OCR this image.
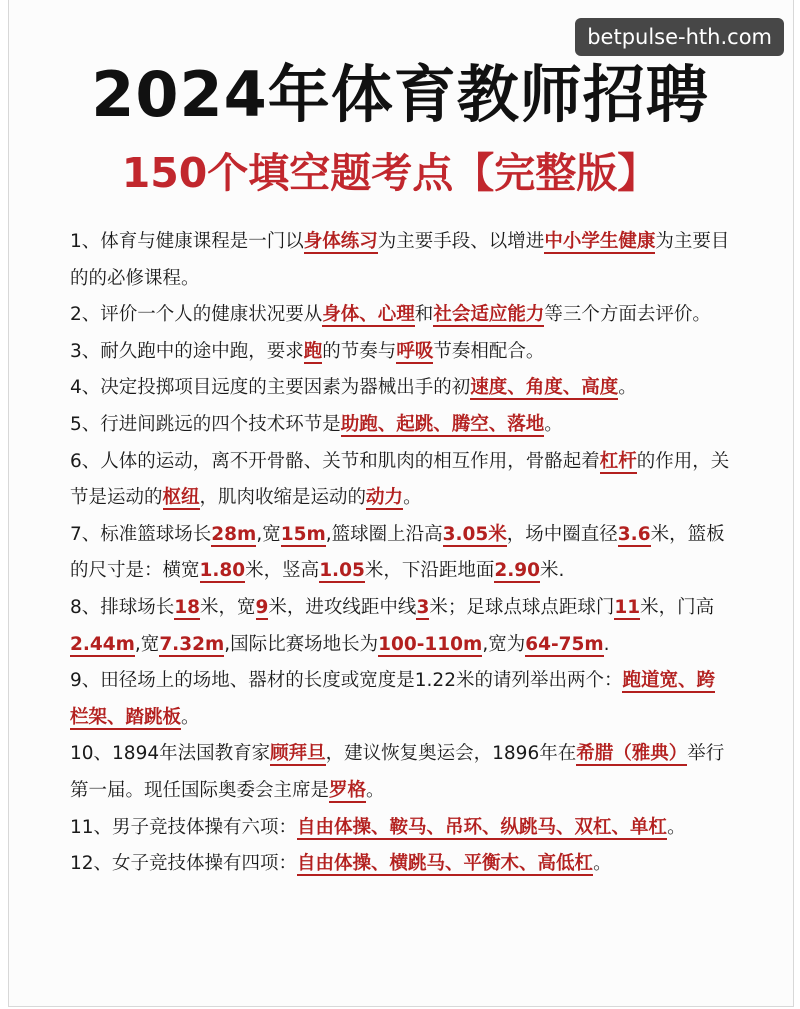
betpulse-hth.com
2024年体育教师招聘
150个填空题考点【完整版】
1、体育与健康课程是一门以身体练习为主要手段、以增进中小学生健康为主要目的的必修课程。
2、评价一个人的健康状况要从身体、心理和社会适应能力等三个方面去评价。
3、耐久跑中的途中跑，要求跑的节奏与呼吸节奏相配合。
4、决定投掷项目远度的主要因素为器械出手的初速度、角度、高度。
5、行进间跳远的四个技术环节是助跑、起跳、腾空、落地。
6、人体的运动，离不开骨骼、关节和肌肉的相互作用，骨骼起着杠杆的作用，关节是运动的枢纽，肌肉收缩是运动的动力。
7、标准篮球场长28m,宽15m,篮球圈上沿高3.05米，场中圈直径3.6米，篮板的尺寸是：横宽1.80米，竖高1.05米，下沿距地面2.90米.
8、排球场长18米，宽9米，进攻线距中线3米；足球点球点距球门11米，门高2.44m,宽7.32m,国际比赛场地长为100-110m,宽为64-75m.
9、田径场上的场地、器材的长度或宽度是1.22米的请列举出两个：跑道宽、跨栏架、踏跳板。
10、1894年法国教育家顾拜旦，建议恢复奥运会，1896年在希腊（雅典）举行第一届。现任国际奥委会主席是罗格。
11、男子竞技体操有六项：自由体操、鞍马、吊环、纵跳马、双杠、单杠。
12、女子竞技体操有四项：自由体操、横跳马、平衡木、高低杠。
